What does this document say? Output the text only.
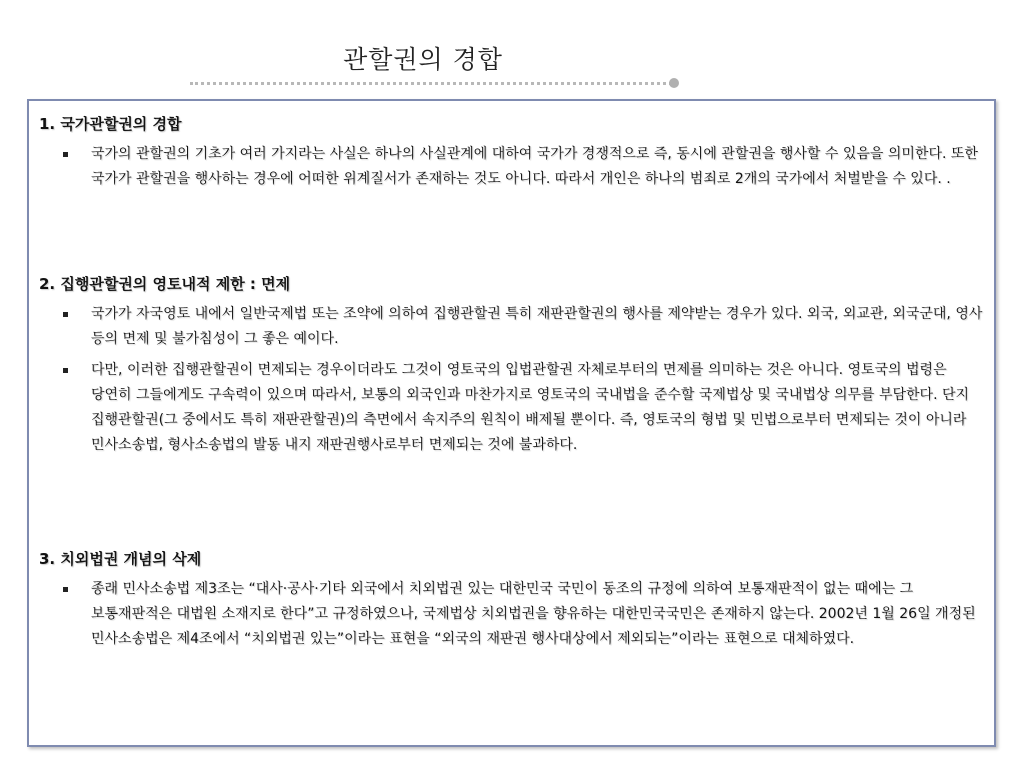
관할권의 경합
1. 국가관할권의 경합
국가의 관할권의 기초가 여러 가지라는 사실은 하나의 사실관계에 대하여 국가가 경쟁적으로 즉, 동시에 관할권을 행사할 수 있음을 의미한다. 또한 국가가 관할권을 행사하는 경우에 어떠한 위계질서가 존재하는 것도 아니다. 따라서 개인은 하나의 범죄로 2개의 국가에서 처벌받을 수 있다. .
2. 집행관할권의 영토내적 제한 : 면제
국가가 자국영토 내에서 일반국제법 또는 조약에 의하여 집행관할권 특히 재판관할권의 행사를 제약받는 경우가 있다. 외국, 외교관, 외국군대, 영사 등의 면제 및 불가침성이 그 좋은 예이다.
다만, 이러한 집행관할권이 면제되는 경우이더라도 그것이 영토국의 입법관할권 자체로부터의 면제를 의미하는 것은 아니다. 영토국의 법령은 당연히 그들에게도 구속력이 있으며 따라서, 보통의 외국인과 마찬가지로 영토국의 국내법을 준수할 국제법상 및 국내법상 의무를 부담한다. 단지 집행관할권(그 중에서도 특히 재판관할권)의 측면에서 속지주의 원칙이 배제될 뿐이다. 즉, 영토국의 형법 및 민법으로부터 면제되는 것이 아니라 민사소송법, 형사소송법의 발동 내지 재판권행사로부터 면제되는 것에 불과하다.
3. 치외법권 개념의 삭제
종래 민사소송법 제3조는 “대사·공사·기타 외국에서 치외법권 있는 대한민국 국민이 동조의 규정에 의하여 보통재판적이 없는 때에는 그 보통재판적은 대법원 소재지로 한다”고 규정하였으나, 국제법상 치외법권을 향유하는 대한민국국민은 존재하지 않는다. 2002년 1월 26일 개정된 민사소송법은 제4조에서 “치외법권 있는”이라는 표현을 “외국의 재판권 행사대상에서 제외되는”이라는 표현으로 대체하였다.
